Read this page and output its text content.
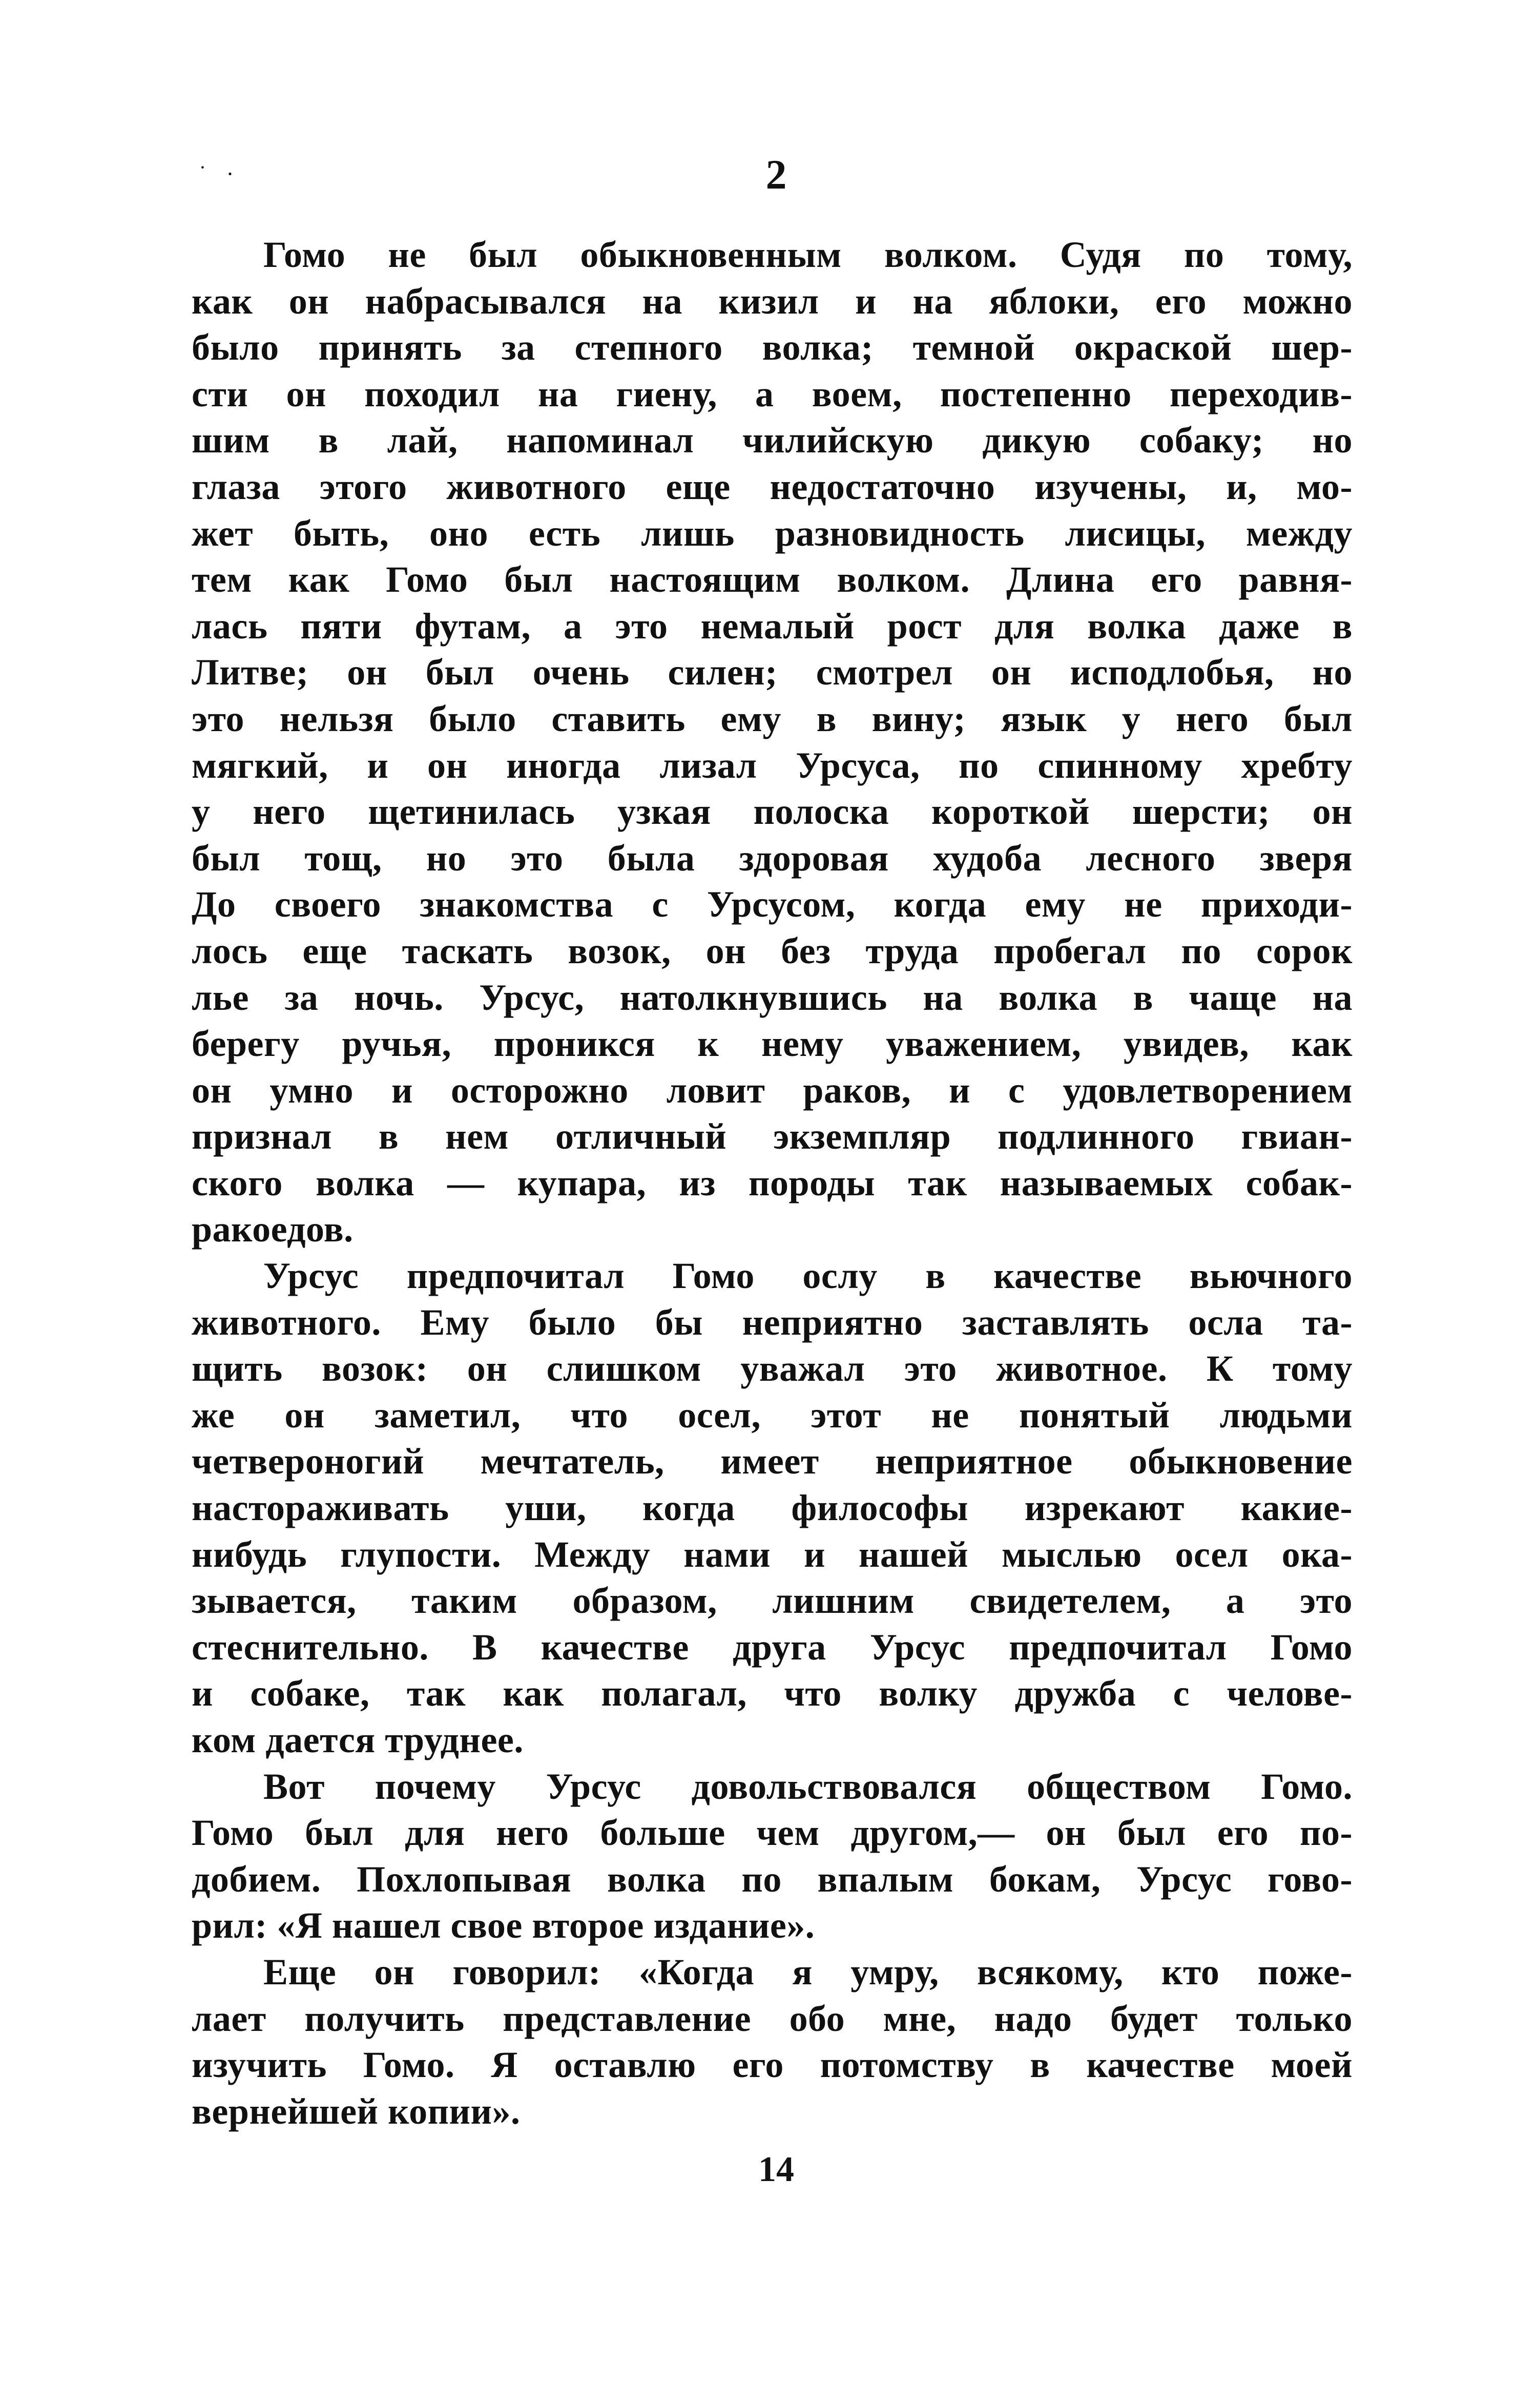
˙ ·	2

Гомо не был обыкновенным волком. Судя по тому,
как он набрасывался на кизил и на яблоки, его можно
было принять за степного волка; темной окраской шер-
сти он походил на гиену, а воем, постепенно переходив-
шим в лай, напоминал чилийскую дикую собаку; но
глаза этого животного еще недостаточно изучены, и, мо-
жет быть, оно есть лишь разновидность лисицы, между
тем как Гомо был настоящим волком. Длина его равня-
лась пяти футам, а это немалый рост для волка даже в
Литве; он был очень силен; смотрел он исподлобья, но
это нельзя было ставить ему в вину; язык у него был
мягкий, и он иногда лизал Урсуса, по спинному хребту
у него щетинилась узкая полоска короткой шерсти; он
был тощ, но это была здоровая худоба лесного зверя
До своего знакомства с Урсусом, когда ему не приходи-
лось еще таскать возок, он без труда пробегал по сорок
лье за ночь. Урсус, натолкнувшись на волка в чаще на
берегу ручья, проникся к нему уважением, увидев, как
он умно и осторожно ловит раков, и с удовлетворением
признал в нем отличный экземпляр подлинного гвиан-
ского волка — купара, из породы так называемых собак-
ракоедов.

Урсус предпочитал Гомо ослу в качестве вьючного
животного. Ему было бы неприятно заставлять осла та-
щить возок: он слишком уважал это животное. К тому
же он заметил, что осел, этот не понятый людьми
четвероногий мечтатель, имеет неприятное обыкновение
настораживать уши, когда философы изрекают какие-
нибудь глупости. Между нами и нашей мыслью осел ока-
зывается, таким образом, лишним свидетелем, а это
стеснительно. В качестве друга Урсус предпочитал Гомо
и собаке, так как полагал, что волку дружба с челове-
ком дается труднее.

Вот почему Урсус довольствовался обществом Гомо.
Гомо был для него больше чем другом,— он был его по-
добием. Похлопывая волка по впалым бокам, Урсус гово-
рил: «Я нашел свое второе издание».

Еще он говорил: «Когда я умру, всякому, кто поже-
лает получить представление обо мне, надо будет только
изучить Гомо. Я оставлю его потомству в качестве моей
вернейшей копии».

14
